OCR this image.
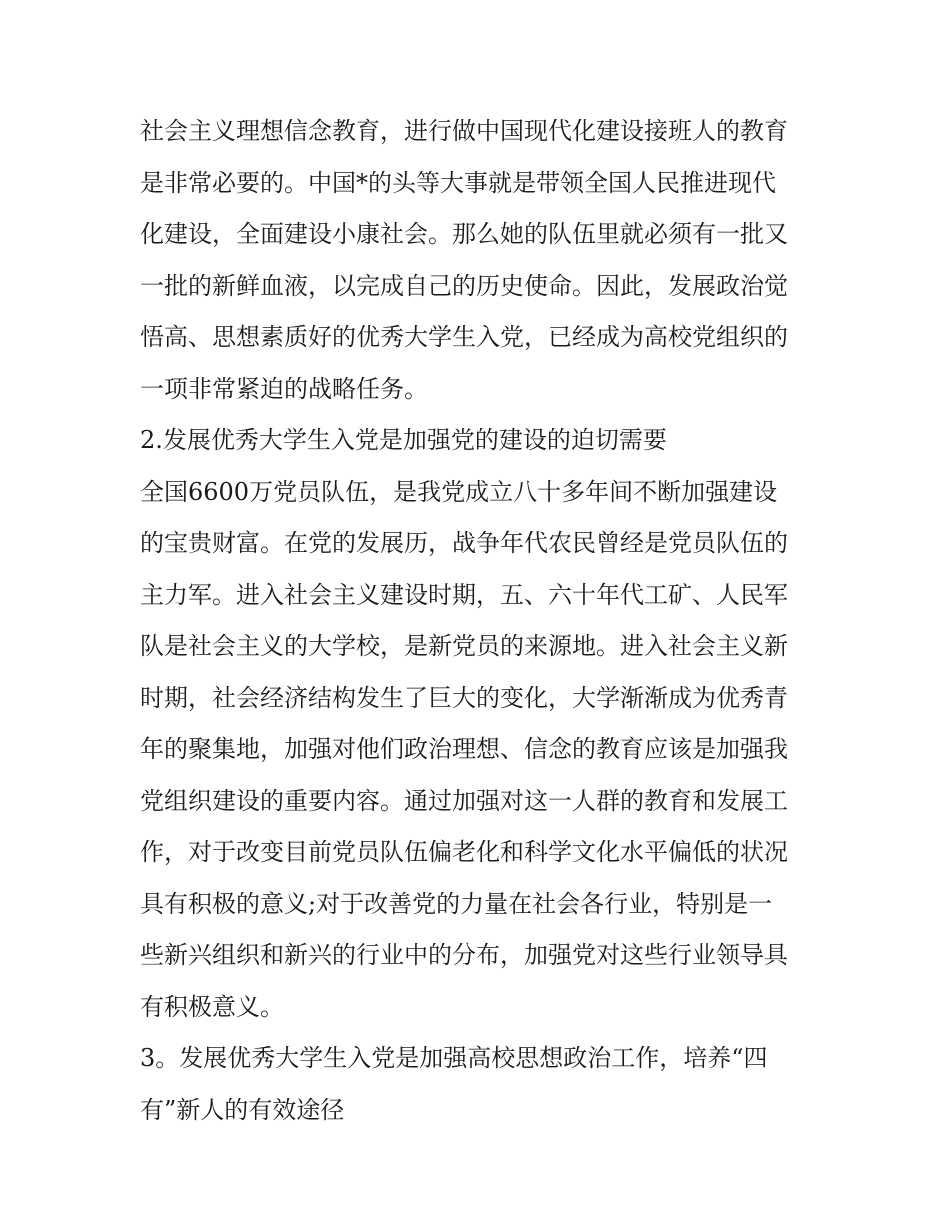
社会主义理想信念教育，进行做中国现代化建设接班人的教育
是非常必要的。中国*的头等大事就是带领全国人民推进现代
化建设，全面建设小康社会。那么她的队伍里就必须有一批又
一批的新鲜血液，以完成自己的历史使命。因此，发展政治觉
悟高、思想素质好的优秀大学生入党，已经成为高校党组织的
一项非常紧迫的战略任务。
2.发展优秀大学生入党是加强党的建设的迫切需要
全国6600万党员队伍，是我党成立八十多年间不断加强建设
的宝贵财富。在党的发展历，战争年代农民曾经是党员队伍的
主力军。进入社会主义建设时期，五、六十年代工矿、人民军
队是社会主义的大学校，是新党员的来源地。进入社会主义新
时期，社会经济结构发生了巨大的变化，大学渐渐成为优秀青
年的聚集地，加强对他们政治理想、信念的教育应该是加强我
党组织建设的重要内容。通过加强对这一人群的教育和发展工
作，对于改变目前党员队伍偏老化和科学文化水平偏低的状况
具有积极的意义;对于改善党的力量在社会各行业，特别是一
些新兴组织和新兴的行业中的分布，加强党对这些行业领导具
有积极意义。
3。发展优秀大学生入党是加强高校思想政治工作，培养“四
有”新人的有效途径
